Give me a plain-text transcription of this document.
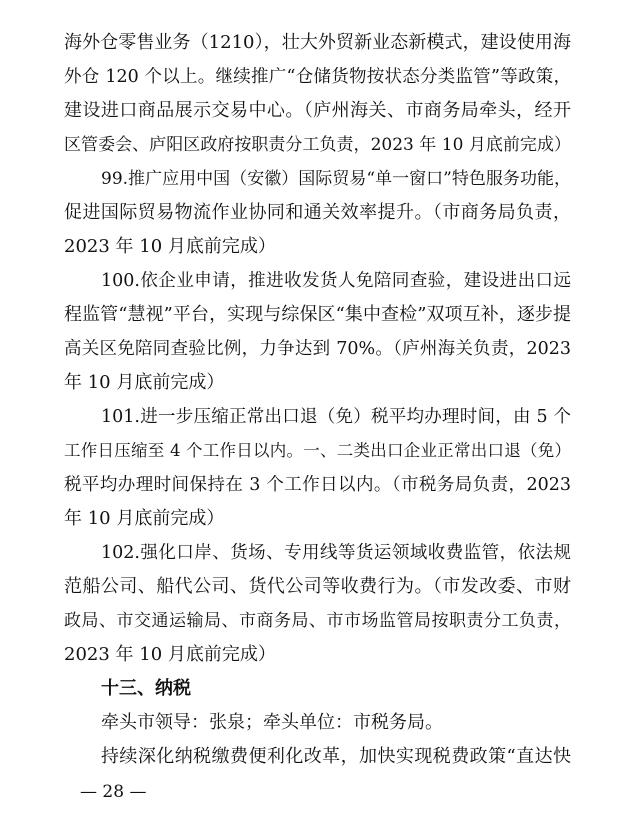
海外仓零售业务（1210），壮大外贸新业态新模式，建设使用海
外仓 120 个以上。继续推广“仓储货物按状态分类监管”等政策，
建设进口商品展示交易中心。（庐州海关、市商务局牵头，经开
区管委会、庐阳区政府按职责分工负责，2023 年 10 月底前完成）
99.推广应用中国（安徽）国际贸易“单一窗口”特色服务功能，
促进国际贸易物流作业协同和通关效率提升。（市商务局负责，
2023 年 10 月底前完成）
100.依企业申请，推进收发货人免陪同查验，建设进出口远
程监管“慧视”平台，实现与综保区“集中查检”双项互补，逐步提
高关区免陪同查验比例，力争达到 70%。（庐州海关负责，2023
年 10 月底前完成）
101.进一步压缩正常出口退（免）税平均办理时间，由 5 个
工作日压缩至 4 个工作日以内。一、二类出口企业正常出口退（免）
税平均办理时间保持在 3 个工作日以内。（市税务局负责，2023
年 10 月底前完成）
102.强化口岸、货场、专用线等货运领域收费监管，依法规
范船公司、船代公司、货代公司等收费行为。（市发改委、市财
政局、市交通运输局、市商务局、市市场监管局按职责分工负责，
2023 年 10 月底前完成）
十三、纳税
牵头市领导：张泉；牵头单位：市税务局。
持续深化纳税缴费便利化改革，加快实现税费政策“直达快
— 28 —
